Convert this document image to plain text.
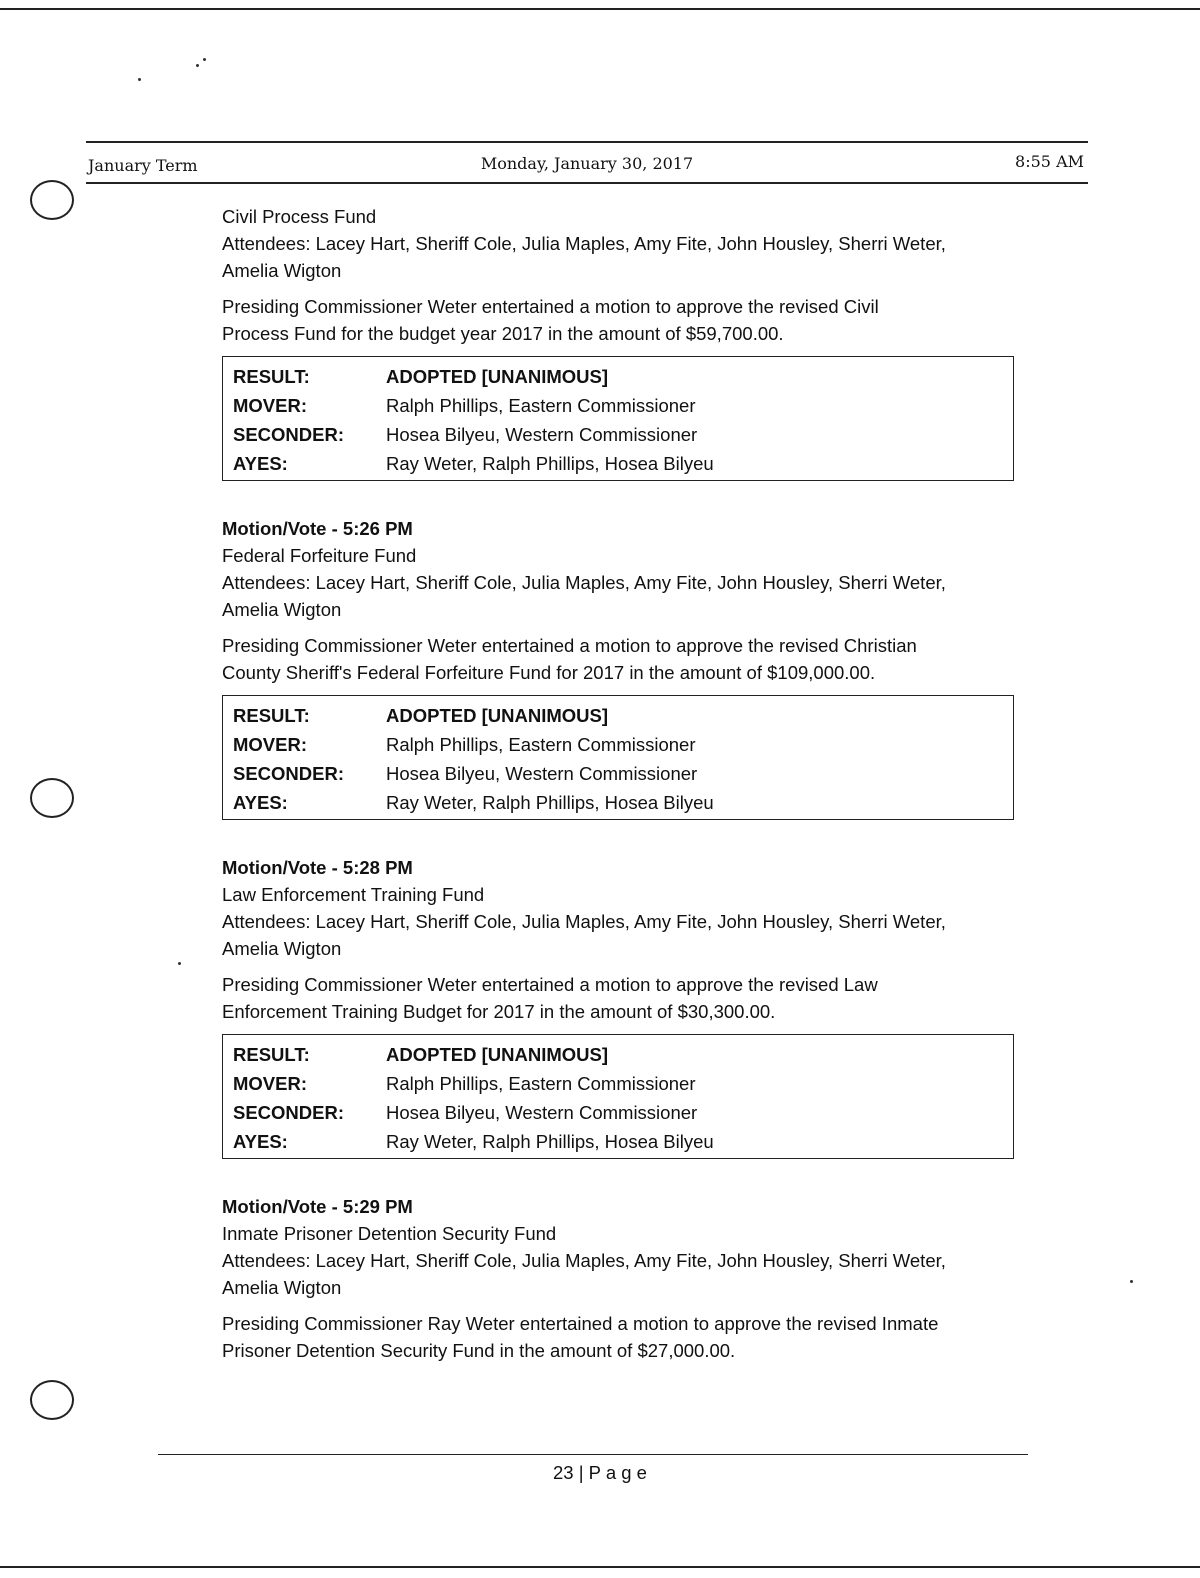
January Term	Monday, January 30, 2017	8:55 AM
Civil Process Fund
Attendees: Lacey Hart, Sheriff Cole, Julia Maples, Amy Fite, John Housley, Sherri Weter,
Amelia Wigton
Presiding Commissioner Weter entertained a motion to approve the revised Civil
Process Fund for the budget year 2017 in the amount of $59,700.00.
RESULT:	ADOPTED [UNANIMOUS]
MOVER:	Ralph Phillips, Eastern Commissioner
SECONDER:	Hosea Bilyeu, Western Commissioner
AYES:	Ray Weter, Ralph Phillips, Hosea Bilyeu
Motion/Vote - 5:26 PM
Federal Forfeiture Fund
Attendees: Lacey Hart, Sheriff Cole, Julia Maples, Amy Fite, John Housley, Sherri Weter,
Amelia Wigton
Presiding Commissioner Weter entertained a motion to approve the revised Christian
County Sheriff's Federal Forfeiture Fund for 2017 in the amount of $109,000.00.
RESULT:	ADOPTED [UNANIMOUS]
MOVER:	Ralph Phillips, Eastern Commissioner
SECONDER:	Hosea Bilyeu, Western Commissioner
AYES:	Ray Weter, Ralph Phillips, Hosea Bilyeu
Motion/Vote - 5:28 PM
Law Enforcement Training Fund
Attendees: Lacey Hart, Sheriff Cole, Julia Maples, Amy Fite, John Housley, Sherri Weter,
Amelia Wigton
Presiding Commissioner Weter entertained a motion to approve the revised Law
Enforcement Training Budget for 2017 in the amount of $30,300.00.
RESULT:	ADOPTED [UNANIMOUS]
MOVER:	Ralph Phillips, Eastern Commissioner
SECONDER:	Hosea Bilyeu, Western Commissioner
AYES:	Ray Weter, Ralph Phillips, Hosea Bilyeu
Motion/Vote - 5:29 PM
Inmate Prisoner Detention Security Fund
Attendees: Lacey Hart, Sheriff Cole, Julia Maples, Amy Fite, John Housley, Sherri Weter,
Amelia Wigton
Presiding Commissioner Ray Weter entertained a motion to approve the revised Inmate
Prisoner Detention Security Fund in the amount of $27,000.00.
23 | P a g e
